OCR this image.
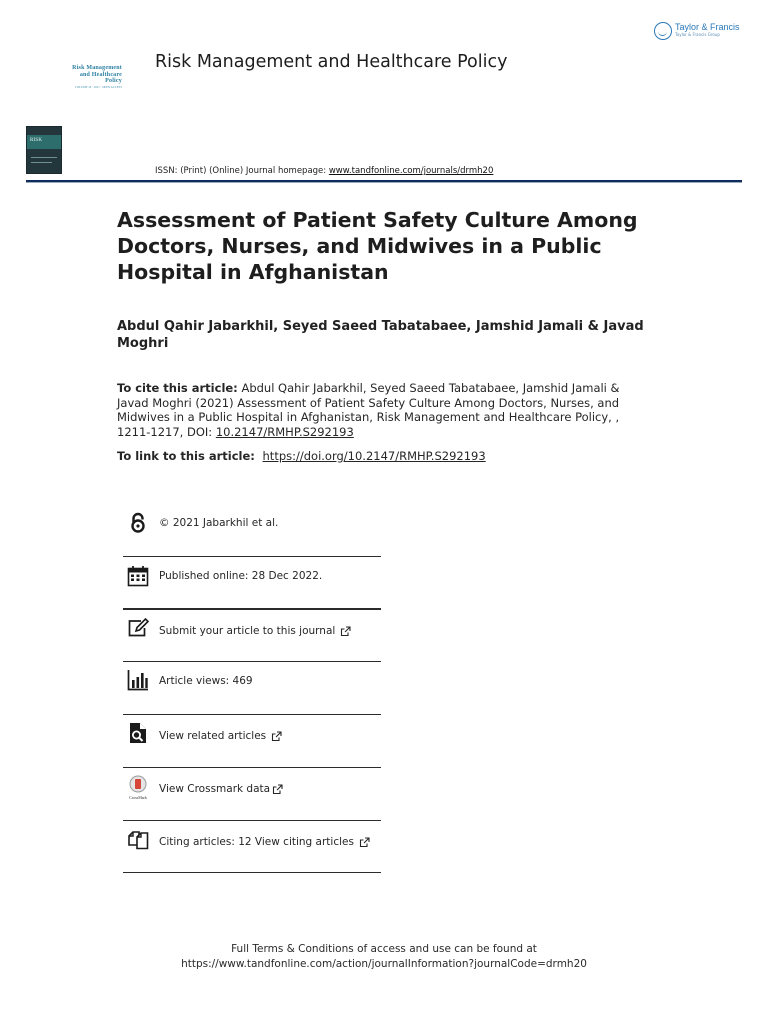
Risk Management
and Healthcare
Policy
VOLUME 18 · 2021 · OPEN ACCESS
Risk Management and Healthcare Policy
Taylor & Francis
Taylor & Francis Group
RISK
ISSN: (Print) (Online) Journal homepage: www.tandfonline.com/journals/drmh20
Assessment of Patient Safety Culture Among Doctors, Nurses, and Midwives in a Public Hospital in Afghanistan
Abdul Qahir Jabarkhil, Seyed Saeed Tabatabaee, Jamshid Jamali & Javad Moghri
To cite this article: Abdul Qahir Jabarkhil, Seyed Saeed Tabatabaee, Jamshid Jamali & Javad Moghri (2021) Assessment of Patient Safety Culture Among Doctors, Nurses, and Midwives in a Public Hospital in Afghanistan, Risk Management and Healthcare Policy, , 1211-1217, DOI: 10.2147/RMHP.S292193
To link to this article:  https://doi.org/10.2147/RMHP.S292193
© 2021 Jabarkhil et al.
Published online: 28 Dec 2022.
Submit your article to this journal
Article views: 469
View related articles
CrossMark
View Crossmark data
Citing articles: 12 View citing articles
Full Terms & Conditions of access and use can be found at
https://www.tandfonline.com/action/journalInformation?journalCode=drmh20
